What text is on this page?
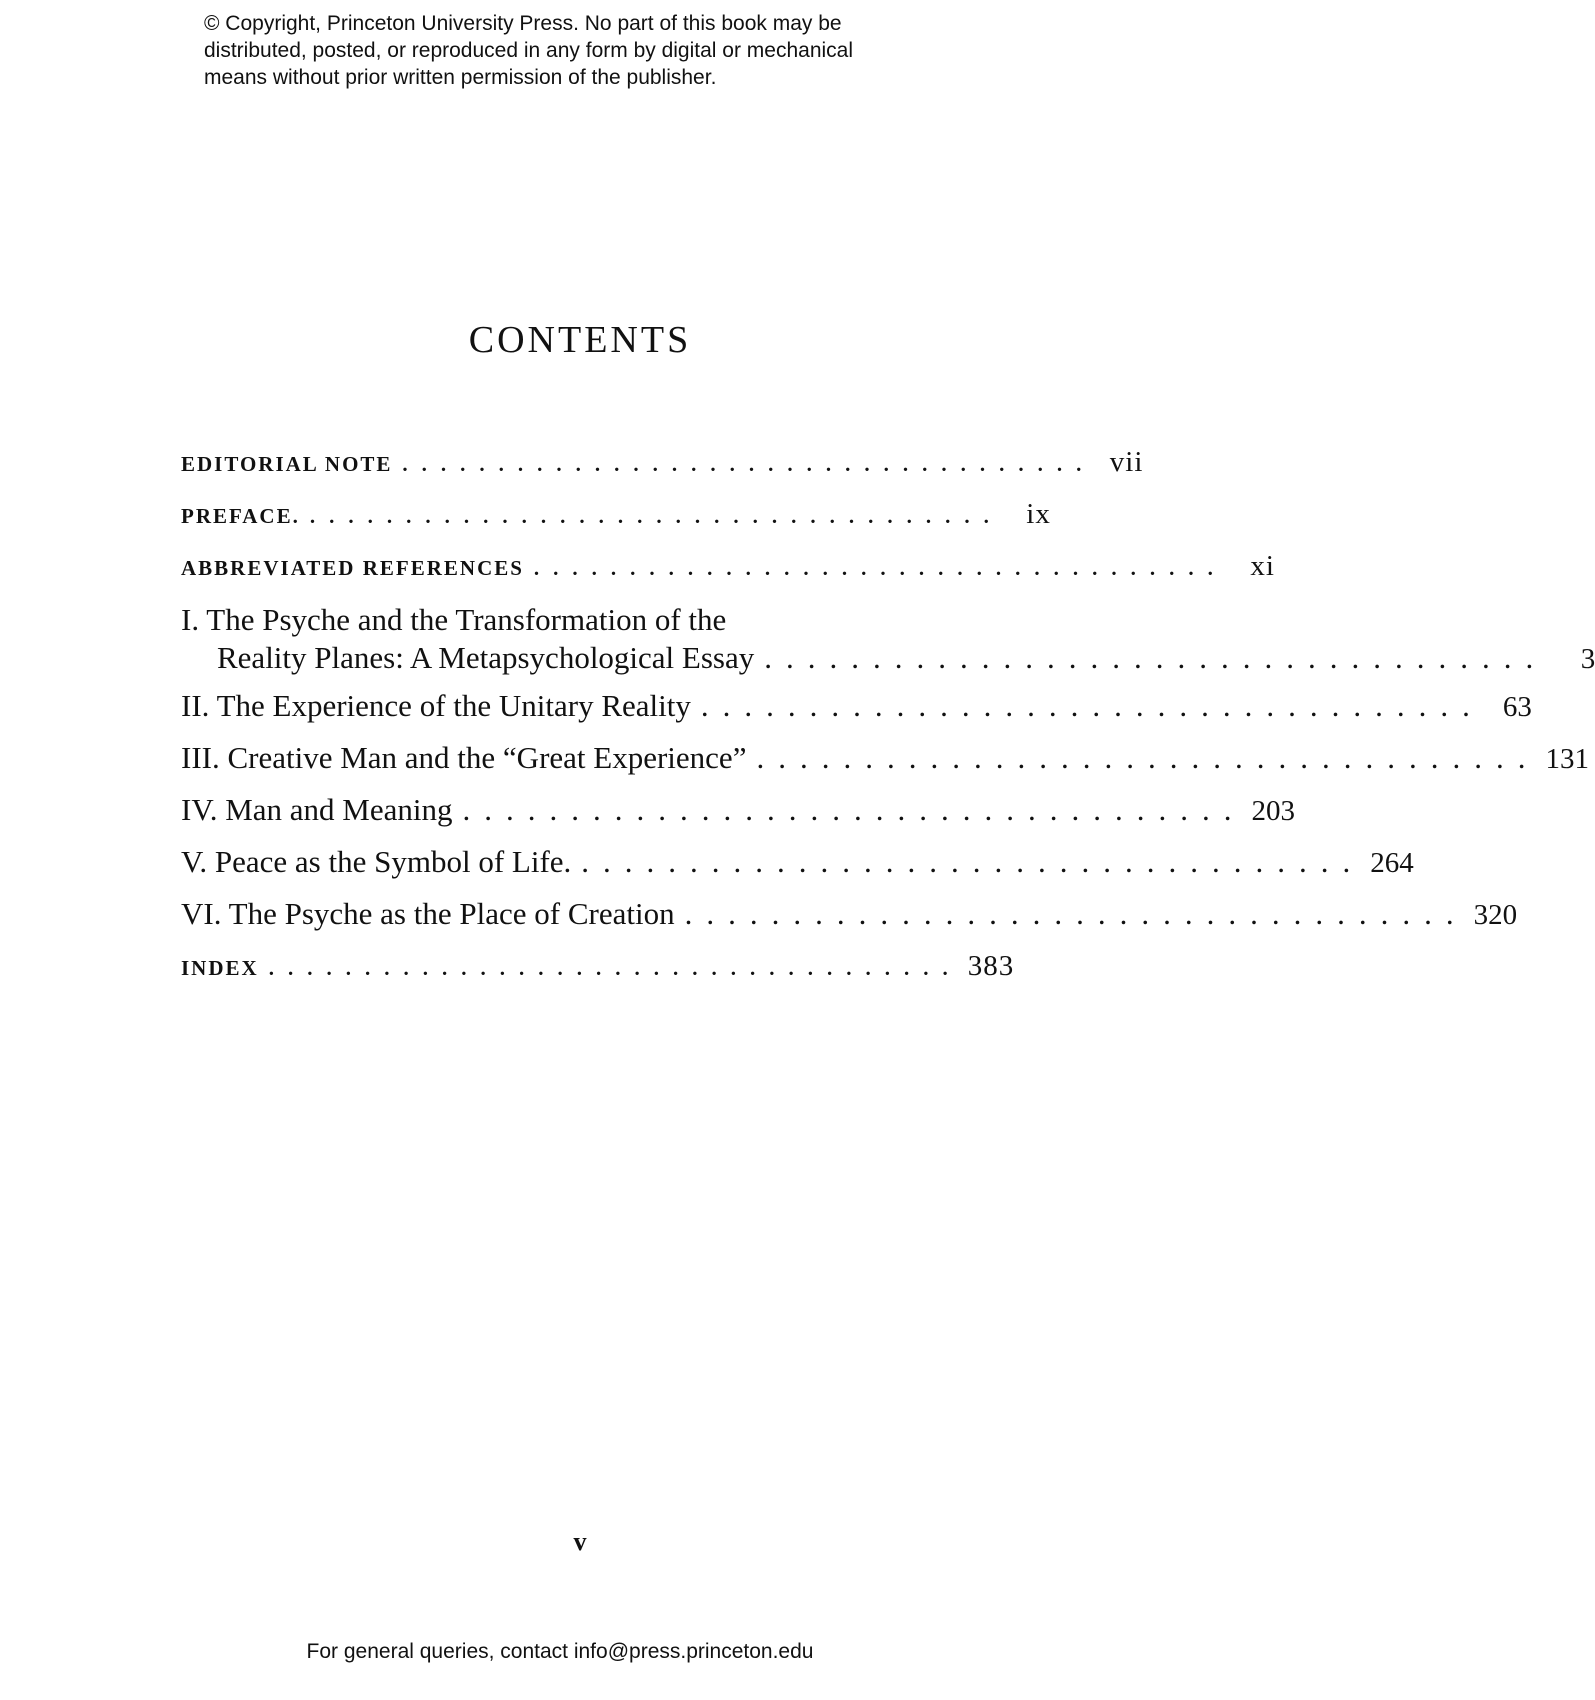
© Copyright, Princeton University Press. No part of this book may be
distributed, posted, or reproduced in any form by digital or mechanical
means without prior written permission of the publisher.
CONTENTS
EDITORIAL NOTE .................................... vii
PREFACE. .................................... ix
ABBREVIATED REFERENCES .................................... xi
I. The Psyche and the Transformation of the
Reality Planes: A Metapsychological Essay ....................................	3
II. The Experience of the Unitary Reality .................................... 63
III. Creative Man and the “Great Experience” .................................... 131
IV. Man and Meaning .................................... 203
V. Peace as the Symbol of Life. .................................... 264
VI. The Psyche as the Place of Creation .................................... 320
INDEX .................................... 383
v
For general queries, contact info@press.princeton.edu
